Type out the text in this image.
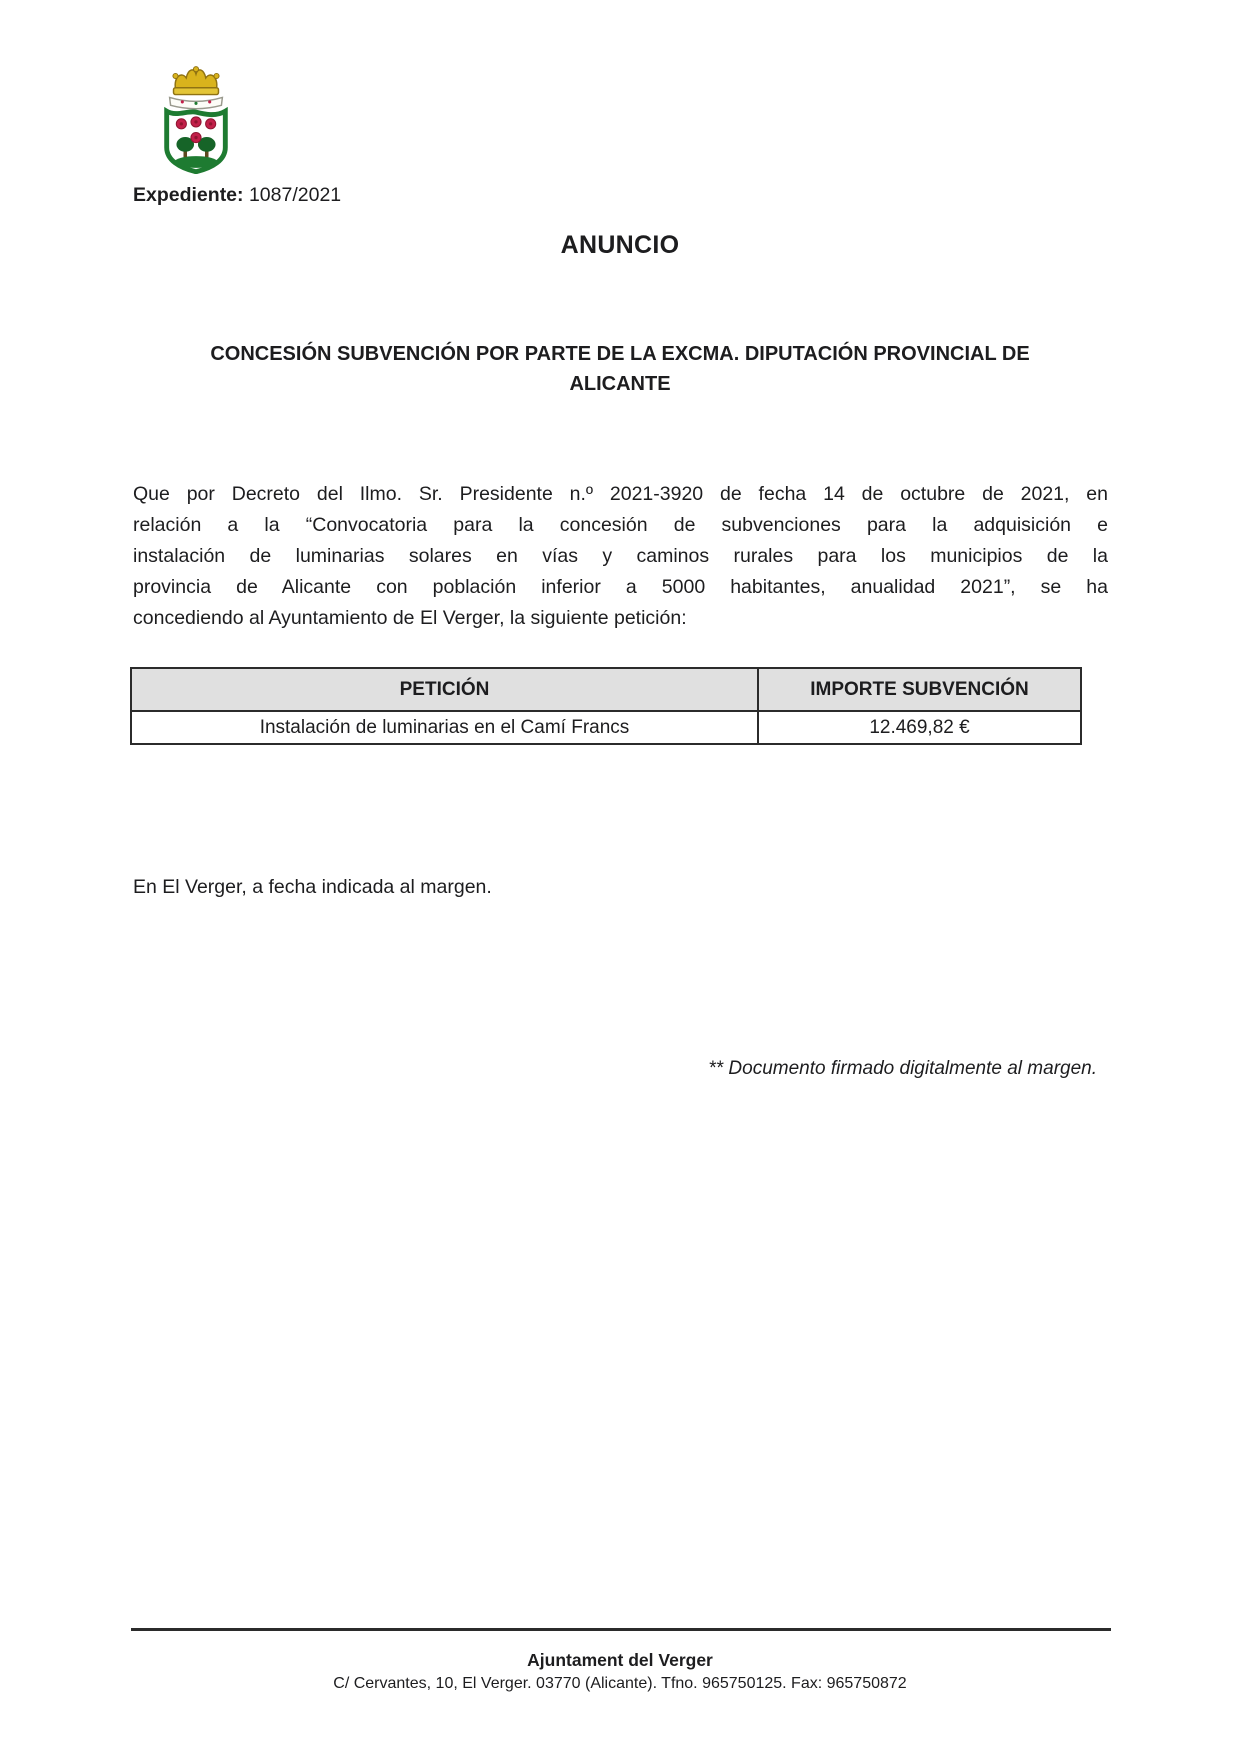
Expediente: 1087/2021
ANUNCIO
CONCESIÓN SUBVENCIÓN POR PARTE DE LA EXCMA. DIPUTACIÓN PROVINCIAL DE
ALICANTE
Que por Decreto del Ilmo. Sr. Presidente n.º 2021-3920 de fecha 14 de octubre de 2021, en
relación a la “Convocatoria para la concesión de subvenciones para la adquisición e
instalación de luminarias solares en vías y caminos rurales para los municipios de la
provincia de Alicante con población inferior a 5000 habitantes, anualidad 2021”, se ha
concediendo al Ayuntamiento de El Verger, la siguiente petición:
PETICIÓN	IMPORTE SUBVENCIÓN
Instalación de luminarias en el Camí Francs	12.469,82 €
En El Verger, a fecha indicada al margen.
** Documento firmado digitalmente al margen.
Ajuntament del Verger
C/ Cervantes, 10, El Verger. 03770 (Alicante). Tfno. 965750125. Fax: 965750872
